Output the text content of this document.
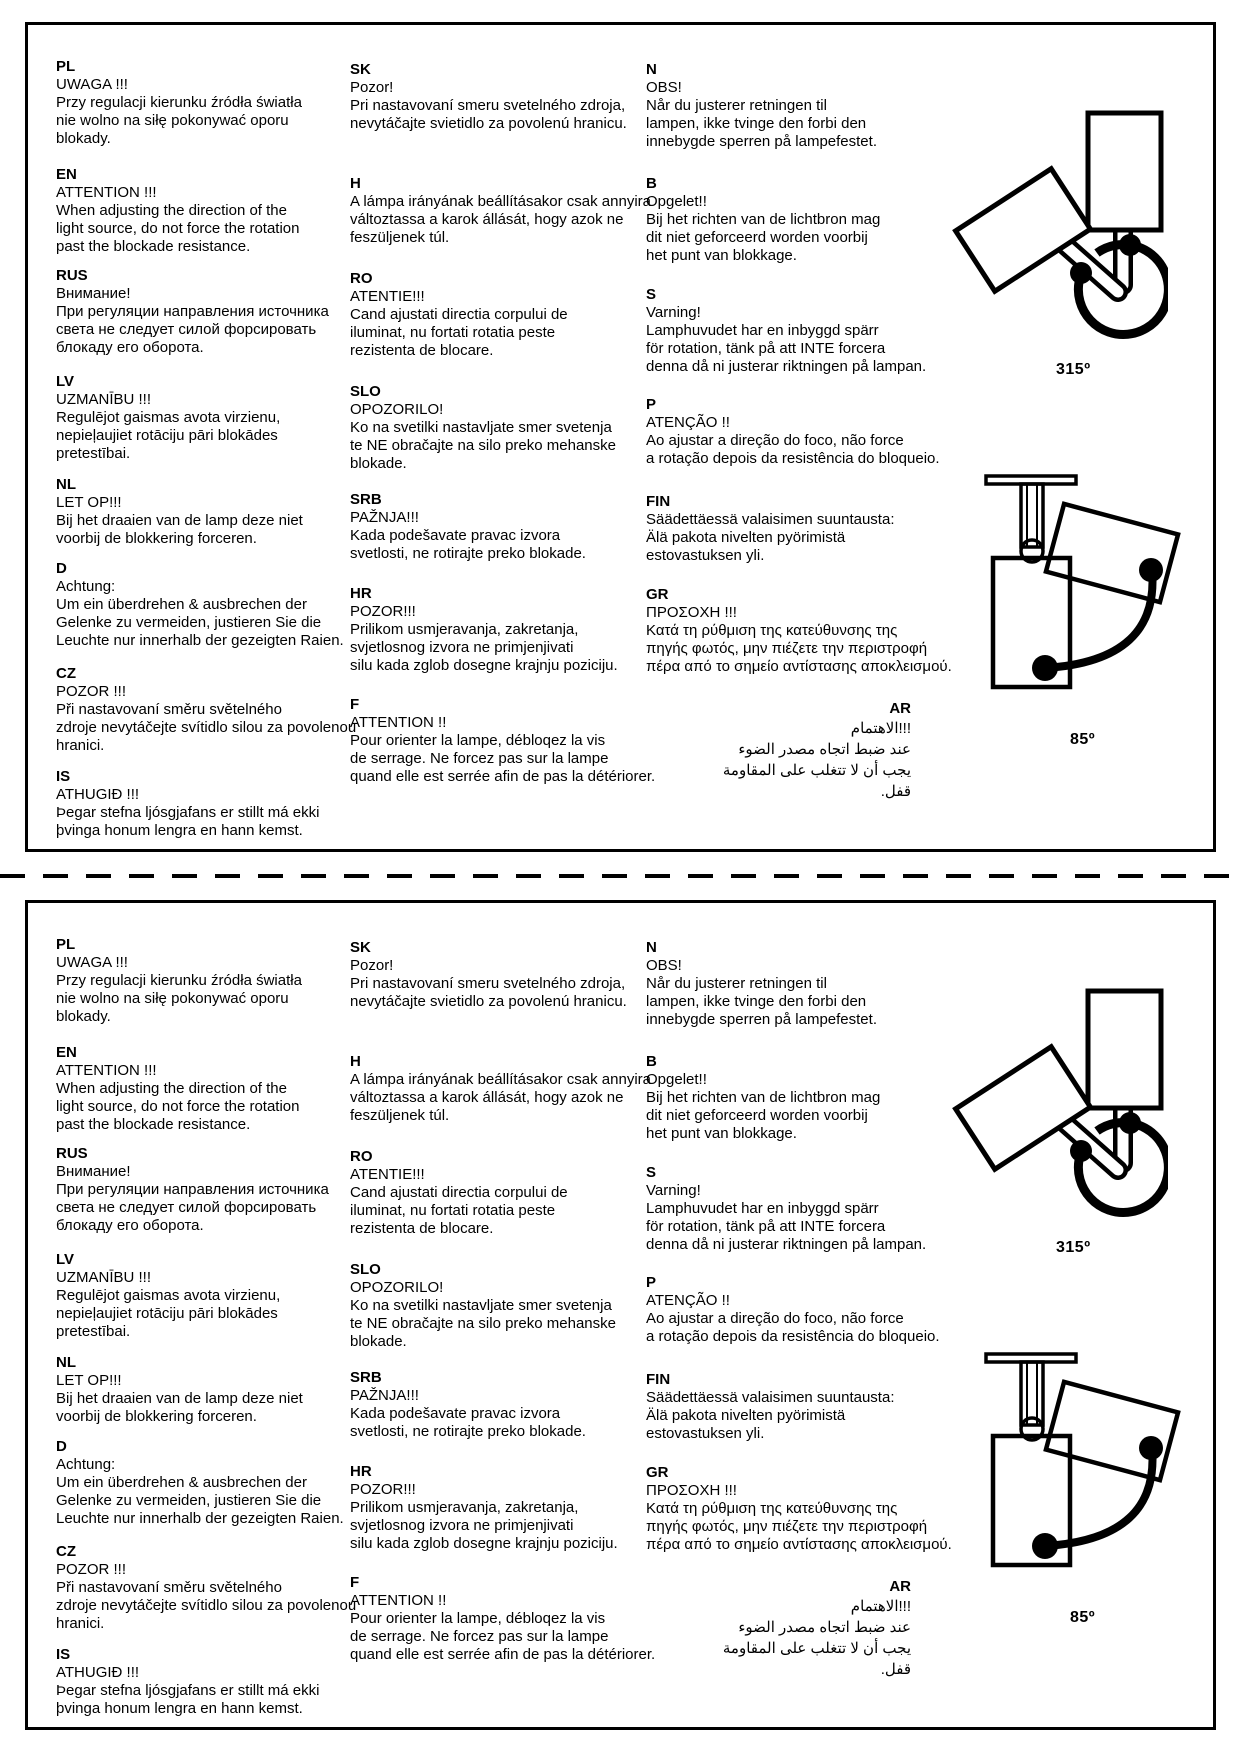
315º
85º
PL
UWAGA !!!
Przy regulacji kierunku źródła światła
nie wolno na siłę pokonywać oporu
blokady.
EN
ATTENTION !!!
When adjusting the direction of the
light source, do not force the rotation
past the blockade resistance.
RUS
Внимание!
При регуляции направления источника
света не следует силой форсировать
блокаду его оборота.
LV
UZMANĪBU !!!
Regulējot gaismas avota virzienu,
nepieļaujiet rotāciju pāri blokādes
pretestībai.
NL
LET OP!!!
Bij het draaien van de lamp deze niet
voorbij de blokkering forceren.
D
Achtung:
Um ein überdrehen & ausbrechen der
Gelenke zu vermeiden, justieren Sie die
Leuchte nur innerhalb der gezeigten Raien.
CZ
POZOR !!!
Při nastavovaní směru světelného
zdroje nevytáčejte svítidlo silou za povolenou
hranici.
IS
ATHUGIÐ !!!
Þegar stefna ljósgjafans er stillt má ekki
þvinga honum lengra en hann kemst.
SK
Pozor!
Pri nastavovaní smeru svetelného zdroja,
nevytáčajte svietidlo za povolenú hranicu.
H
A lámpa irányának beállításakor csak annyira
változtassa a karok állását, hogy azok ne
feszüljenek túl.
RO
ATENTIE!!!
Cand ajustati directia corpului de
iluminat, nu fortati rotatia peste
rezistenta de blocare.
SLO
OPOZORILO!
Ko na svetilki nastavljate smer svetenja
te NE obračajte na silo preko mehanske
blokade.
SRB
PAŽNJA!!!
Kada podešavate pravac izvora
svetlosti, ne rotirajte preko blokade.
HR
POZOR!!!
Prilikom usmjeravanja, zakretanja,
svjetlosnog izvora ne primjenjivati
silu kada zglob dosegne krajnju poziciju.
F
ATTENTION !!
Pour orienter la lampe, débloqez la vis
de serrage. Ne forcez pas sur la lampe
quand elle est serrée afin de pas la détériorer.
N
OBS!
Når du justerer retningen til
lampen, ikke tvinge den forbi den
innebygde sperren på lampefestet.
B
Opgelet!!
Bij het richten van de lichtbron mag
dit niet geforceerd worden voorbij
het punt van blokkage.
S
Varning!
Lamphuvudet har en inbyggd spärr
för rotation, tänk på att INTE forcera
denna då ni justerar riktningen på lampan.
P
ATENÇÃO !!
Ao ajustar a direção do foco, não force
a rotação depois da resistência do bloqueio.
FIN
Säädettäessä valaisimen suuntausta:
Älä pakota nivelten pyörimistä
estovastuksen yli.
GR
ΠΡΟΣΟΧΗ !!!
Κατά τη ρύθμιση της κατεύθυνσης της
πηγής φωτός, μην πιέζετε την περιστροφή
πέρα από το σημείο αντίστασης αποκλεισμού.
AR
!!!الاهتمام
عند ضبط اتجاه مصدر الضوء
يجب أن لا تتغلب على المقاومة
قفل.
315º
85º
PL
UWAGA !!!
Przy regulacji kierunku źródła światła
nie wolno na siłę pokonywać oporu
blokady.
EN
ATTENTION !!!
When adjusting the direction of the
light source, do not force the rotation
past the blockade resistance.
RUS
Внимание!
При регуляции направления источника
света не следует силой форсировать
блокаду его оборота.
LV
UZMANĪBU !!!
Regulējot gaismas avota virzienu,
nepieļaujiet rotāciju pāri blokādes
pretestībai.
NL
LET OP!!!
Bij het draaien van de lamp deze niet
voorbij de blokkering forceren.
D
Achtung:
Um ein überdrehen & ausbrechen der
Gelenke zu vermeiden, justieren Sie die
Leuchte nur innerhalb der gezeigten Raien.
CZ
POZOR !!!
Při nastavovaní směru světelného
zdroje nevytáčejte svítidlo silou za povolenou
hranici.
IS
ATHUGIÐ !!!
Þegar stefna ljósgjafans er stillt má ekki
þvinga honum lengra en hann kemst.
SK
Pozor!
Pri nastavovaní smeru svetelného zdroja,
nevytáčajte svietidlo za povolenú hranicu.
H
A lámpa irányának beállításakor csak annyira
változtassa a karok állását, hogy azok ne
feszüljenek túl.
RO
ATENTIE!!!
Cand ajustati directia corpului de
iluminat, nu fortati rotatia peste
rezistenta de blocare.
SLO
OPOZORILO!
Ko na svetilki nastavljate smer svetenja
te NE obračajte na silo preko mehanske
blokade.
SRB
PAŽNJA!!!
Kada podešavate pravac izvora
svetlosti, ne rotirajte preko blokade.
HR
POZOR!!!
Prilikom usmjeravanja, zakretanja,
svjetlosnog izvora ne primjenjivati
silu kada zglob dosegne krajnju poziciju.
F
ATTENTION !!
Pour orienter la lampe, débloqez la vis
de serrage. Ne forcez pas sur la lampe
quand elle est serrée afin de pas la détériorer.
N
OBS!
Når du justerer retningen til
lampen, ikke tvinge den forbi den
innebygde sperren på lampefestet.
B
Opgelet!!
Bij het richten van de lichtbron mag
dit niet geforceerd worden voorbij
het punt van blokkage.
S
Varning!
Lamphuvudet har en inbyggd spärr
för rotation, tänk på att INTE forcera
denna då ni justerar riktningen på lampan.
P
ATENÇÃO !!
Ao ajustar a direção do foco, não force
a rotação depois da resistência do bloqueio.
FIN
Säädettäessä valaisimen suuntausta:
Älä pakota nivelten pyörimistä
estovastuksen yli.
GR
ΠΡΟΣΟΧΗ !!!
Κατά τη ρύθμιση της κατεύθυνσης της
πηγής φωτός, μην πιέζετε την περιστροφή
πέρα από το σημείο αντίστασης αποκλεισμού.
AR
!!!الاهتمام
عند ضبط اتجاه مصدر الضوء
يجب أن لا تتغلب على المقاومة
قفل.
